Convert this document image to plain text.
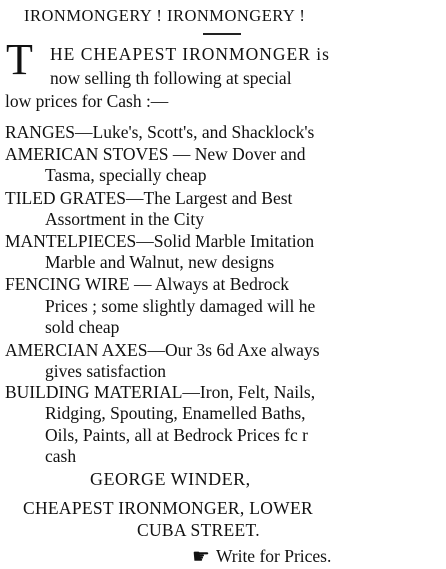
IRONMONGERY ! IRONMONGERY !
T HE CHEAPEST IRONMONGER is
now selling th following at special
low prices for Cash :—
RANGES—Luke's, Scott's, and Shacklock's
AMERICAN STOVES — New Dover and
Tasma, specially cheap
TILED GRATES—The Largest and Best
Assortment in the City
MANTELPIECES—Solid Marble Imitation
Marble and Walnut, new designs
FENCING WIRE — Always at Bedrock
Prices ; some slightly damaged will he
sold cheap
AMERCIAN AXES—Our 3s 6d Axe always
gives satisfaction
BUILDING MATERIAL—Iron, Felt, Nails,
Ridging, Spouting, Enamelled Baths,
Oils, Paints, all at Bedrock Prices fc r
cash
GEORGE WINDER,
CHEAPEST IRONMONGER, LOWER
CUBA STREET.
☛ Write for Prices.
